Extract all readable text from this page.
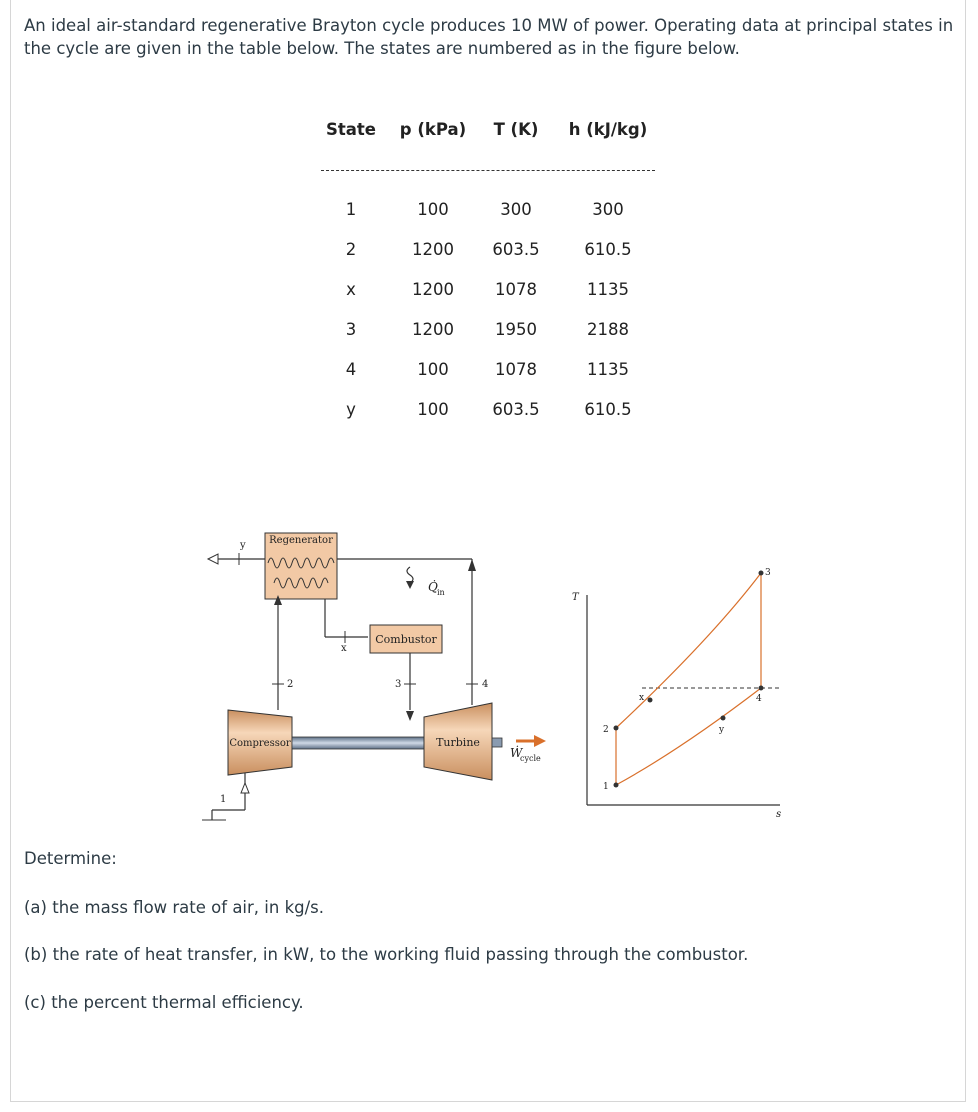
An ideal air-standard regenerative Brayton cycle produces 10 MW of power. Operating data at principal states in the cycle are given in the table below. The states are numbered as in the figure below.
State p (kPa)	T (K)	h (kJ/kg)
1	100	300	300
2	1200	603.5	610.5
x	1200	1078	1135
3	1200	1950	2188
4	100	1078	1135
y	100	603.5	610.5
Regenerator
Q̇ in
Combustor
Compressor	Turbine
Ẇ
cycle
y
x
2	3	4
1
T
s
1
2
x
3
4
y
Determine:
(a) the mass flow rate of air, in kg/s.
(b) the rate of heat transfer, in kW, to the working fluid passing through the combustor.
(c) the percent thermal efficiency.
